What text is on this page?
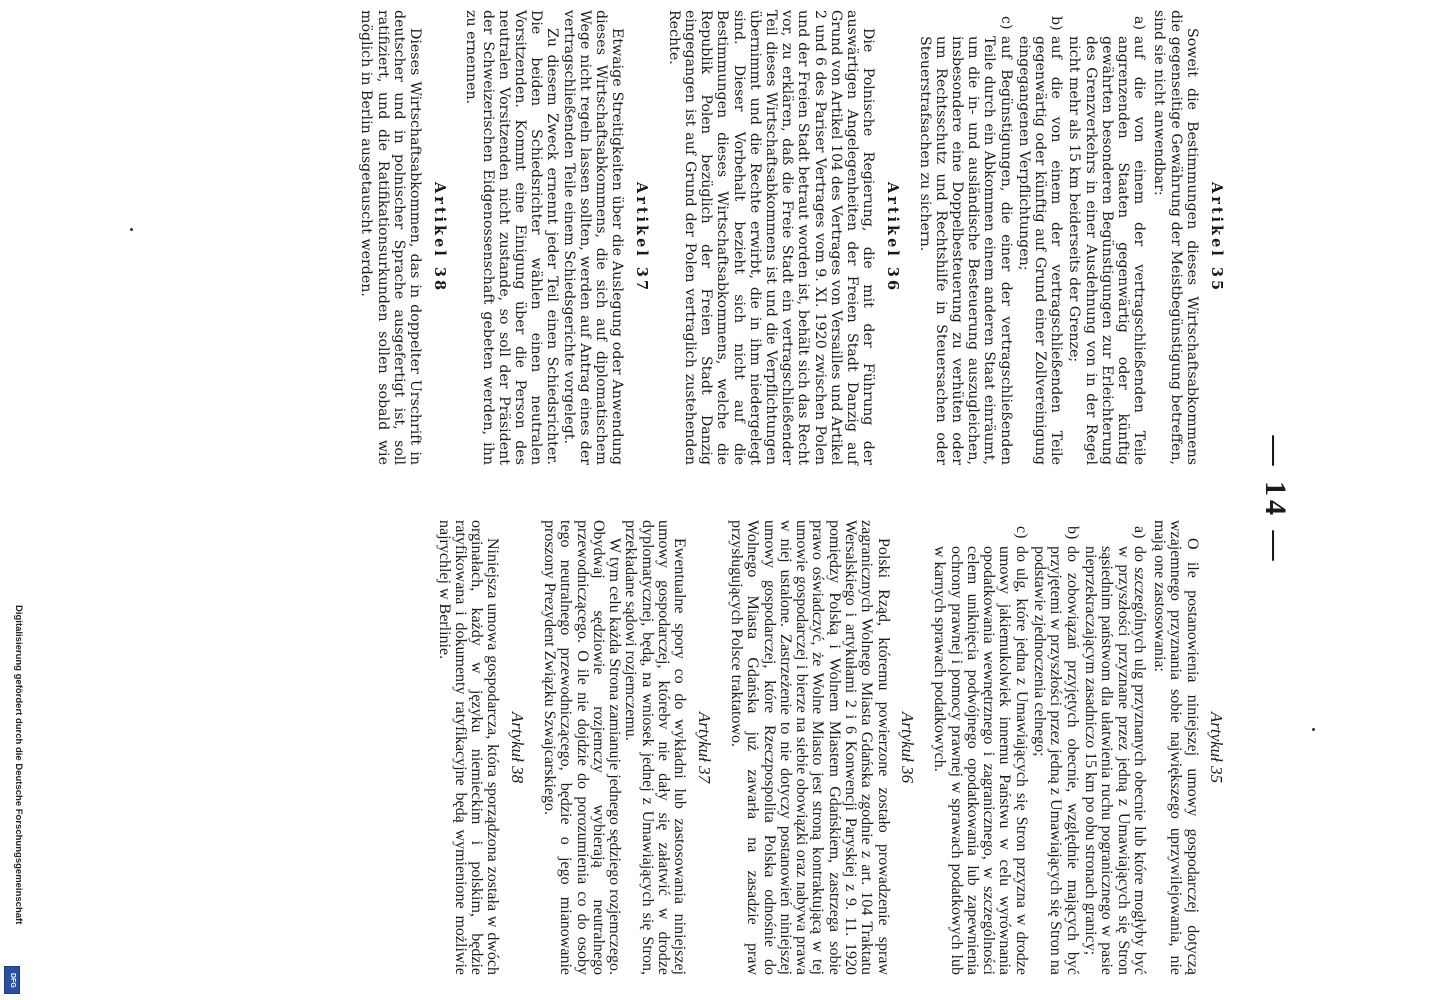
— 14 —
Artikel 35

Soweit die Bestimmungen dieses Wirtschaftsabkommens die gegenseitige Gewährung der Meistbegünstigung betreffen, sind sie nicht anwendbar:

a)
auf die von einem der vertragschließenden Teile angrenzenden Staaten gegenwärtig oder künftig gewährten besonderen Begünstigungen zur Erleichterung des Grenzverkehrs in einer Ausdehnung von in der Regel nicht mehr als 15 km beiderseits der Grenze;
b)
auf die von einem der vertragschließenden Teile gegenwärtig oder künftig auf Grund einer Zollvereinigung eingegangenen Verpflichtungen;
c)
auf Begünstigungen, die einer der vertragschließenden Teile durch ein Abkommen einem anderen Staat einräumt, um die in- und ausländische Besteuerung auszugleichen, insbesondere eine Doppelbesteuerung zu verhüten oder um Rechtsschutz und Rechtshilfe in Steuersachen oder Steuerstrafsachen zu sichern.
Artikel 36

Die Polnische Regierung, die mit der Führung der auswärtigen Angelegenheiten der Freien Stadt Danzig auf Grund von Artikel 104 des Vertrages von Versailles und Artikel 2 und 6 des Pariser Vertrages vom 9. XI. 1920 zwischen Polen und der Freien Stadt betraut worden ist, behält sich das Recht vor, zu erklären, daß die Freie Stadt ein vertragschließender Teil dieses Wirtschaftsabkommens ist und die Verpflichtungen übernimmt und die Rechte erwirbt, die in ihm niedergelegt sind. Dieser Vorbehalt bezieht sich nicht auf die Bestimmungen dieses Wirtschaftsabkommens, welche die Republik Polen bezüglich der Freien Stadt Danzig eingegangen ist auf Grund der Polen vertraglich zustehenden Rechte.

Artikel 37

Etwaige Streitigkeiten über die Auslegung oder Anwendung dieses Wirtschaftsabkommens, die sich auf diplomatischem Wege nicht regeln lassen sollten, werden auf Antrag eines der vertragschließenden Teile einem Schiedsgerichte vorgelegt.

Zu diesem Zweck ernennt jeder Teil einen Schiedsrichter. Die beiden Schiedsrichter wählen einen neutralen Vorsitzenden. Kommt eine Einigung über die Person des neutralen Vorsitzenden nicht zustande, so soll der Präsident der Schweizerischen Eidgenossenschaft gebeten werden, ihn zu ernennen.

Artikel 38

Dieses Wirtschaftsabkommen, das in doppelter Urschrift in deutscher und in polnischer Sprache ausgefertigt ist, soll ratifiziert, und die Ratifikationsurkunden sollen sobald wie möglich in Berlin ausgetauscht werden.

Artykuł 35

O ile postanowienia niniejszej umowy gospodarczej dotyczą wzajemnego przyznania sobie największego uprzywilejowania, nie mają one zastosowania:

a)
do szczególnych ulg przyznanych obecnie lub które mogłyby być w przyszłości przyznane przez jedną z Umawiających się Stron sąsiednim państwom dla ułatwienia ruchu pogranicznego w pasie nieprzekraczającym zasadniczo 15 km po obu stronach granicy;
b)
do zobowiązań przyjętych obecnie, względnie mających być przyjętemi w przyszłości przez jedną z Umawiających się Stron na podstawie zjednoczenia celnego;
c)
do ulg, które jedna z Umawiających się Stron przyzna w drodze umowy jakiemukolwiek innemu Państwu w celu wyrównania opodatkowania wewnętrznego i zagranicznego, w szczególności celem uniknięcia podwójnego opodatkowania lub zapewnienia ochrony prawnej i pomocy prawnej w sprawach podatkowych lub w karnych sprawach podatkowych.
Artykuł 36

Polski Rząd, któremu powierzone zostało prowadzenie spraw zagranicznych Wolnego Miasta Gdańska zgodnie z art. 104 Traktatu Wersalskiego i artykułami 2 i 6 Konwencji Paryskiej z 9. 11. 1920 pomiędzy Polską i Wolnem Miastem Gdańskiem, zastrzega sobie prawo oświadczyć, że Wolne Miasto jest stroną kontraktującą w tej umowie gospodarczej i bierze na siebie obowiązki oraz nabywa prawa w niej ustalone. Zastrzeżenie to nie dotyczy postanowień niniejszej umowy gospodarczej, które Rzeczpospolita Polska odnośnie do Wolnego Miasta Gdańska już zawarła na zasadzie praw przysługujących Polsce traktatowo.

Artykuł 37

Ewentualne spory co do wykładni lub zastosowania niniejszej umowy gospodarczej, którebv nie dały się załatwić w drodze dyplomatycznej, będą, na wniosek jednej z Umawiających się Stron, przekładane sądowi rozjemczemu.

W tym celu każda Strona zamianuje jednego sędziego rozjemczego. Obydwaj sędziowie rozjemczy wybierają neutralnego przewodniczącego. O ile nie dojdzie do porozumienia co do osoby tego neutralnego przewodniczącego, będzie o jego mianowanie proszony Prezydent Związku Szwajcarskiego.

Artykuł 38

Niniejsza umowa gospodarcza, która sporządzona została w dwóch orginałach, każdy w języku niemieckim i polskim, będzie ratyfikowana i dokumenty ratyfikacyjne będą wymienione możliwie najrychlej w Berlinie.

Digitalisierung gefördert durch die Deutsche Forschungsgemeinschaft
DFG
